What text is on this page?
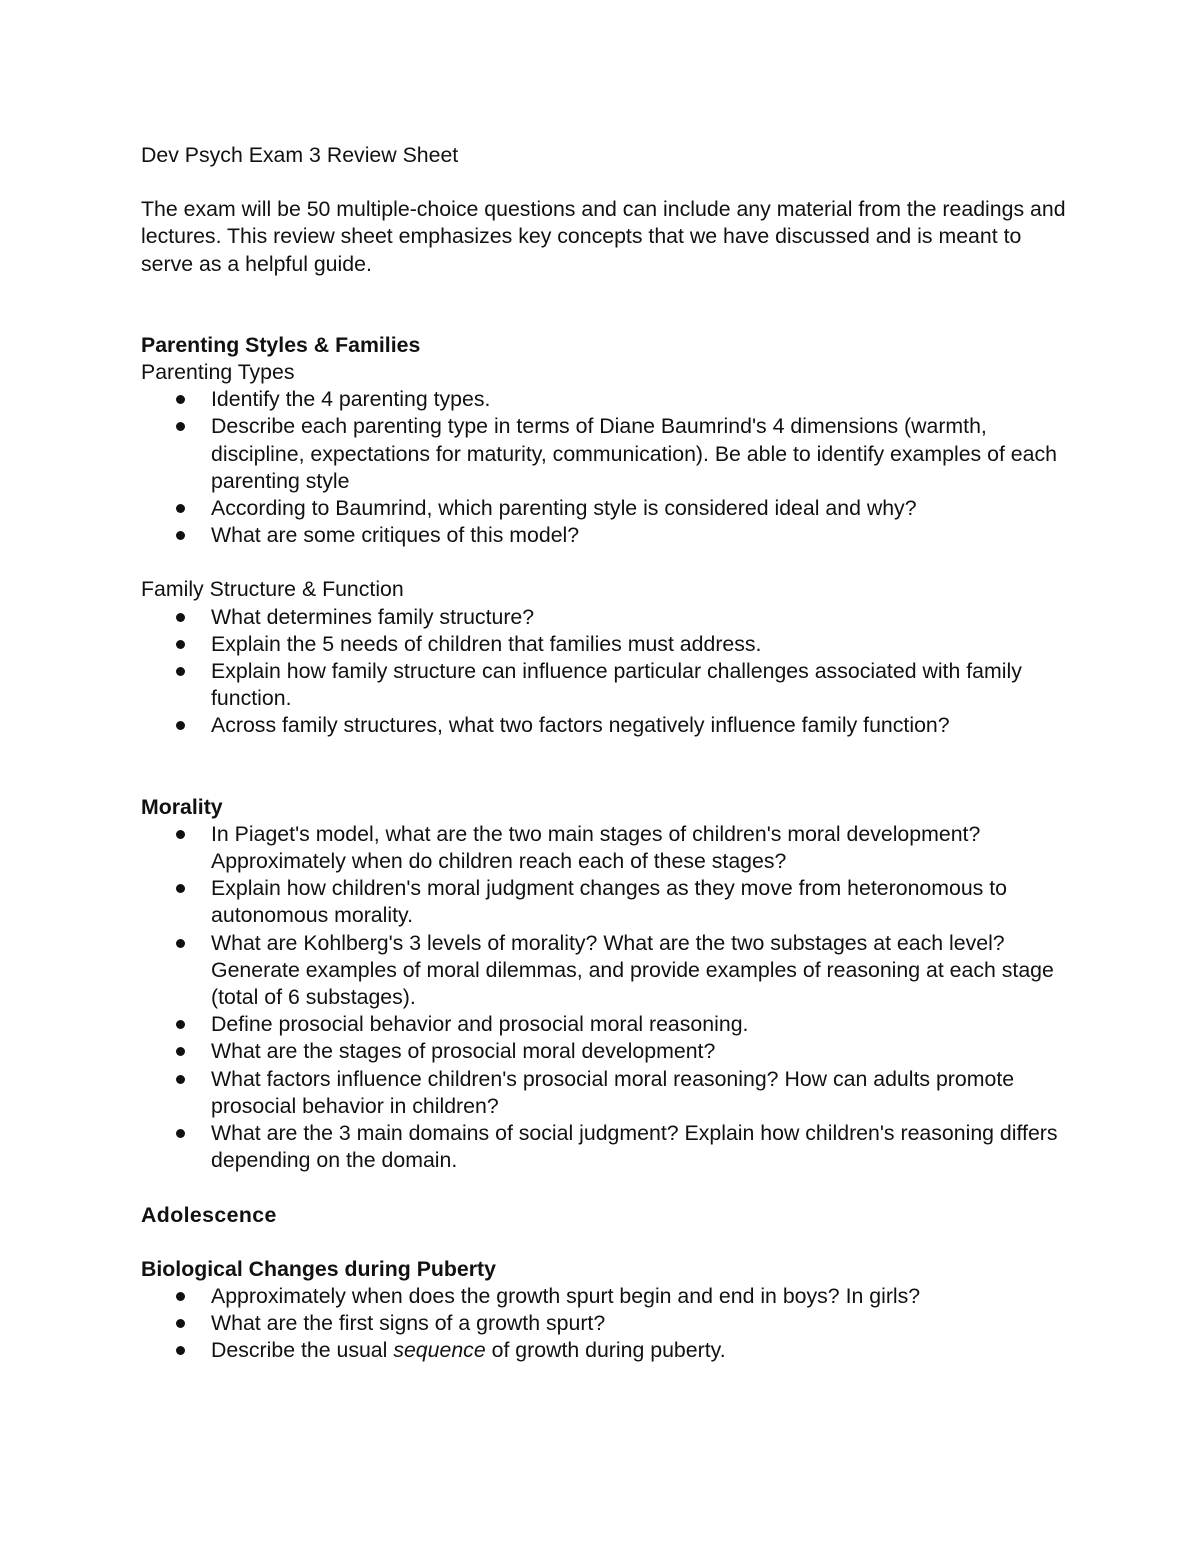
Dev Psych Exam 3 Review Sheet

The exam will be 50 multiple-choice questions and can include any material from the readings and lectures. This review sheet emphasizes key concepts that we have discussed and is meant to serve as a helpful guide.

Parenting Styles & Families

Parenting Types

Identify the 4 parenting types.
Describe each parenting type in terms of Diane Baumrind's 4 dimensions (warmth, discipline, expectations for maturity, communication). Be able to identify examples of each parenting style
According to Baumrind, which parenting style is considered ideal and why?
What are some critiques of this model?

Family Structure & Function

What determines family structure?
Explain the 5 needs of children that families must address.
Explain how family structure can influence particular challenges associated with family function.
Across family structures, what two factors negatively influence family function?

Morality

In Piaget's model, what are the two main stages of children's moral development? Approximately when do children reach each of these stages?
Explain how children's moral judgment changes as they move from heteronomous to autonomous morality.
What are Kohlberg's 3 levels of morality? What are the two substages at each level? Generate examples of moral dilemmas, and provide examples of reasoning at each stage (total of 6 substages).
Define prosocial behavior and prosocial moral reasoning.
What are the stages of prosocial moral development?
What factors influence children's prosocial moral reasoning? How can adults promote prosocial behavior in children?
What are the 3 main domains of social judgment? Explain how children's reasoning differs depending on the domain.

Adolescence

Biological Changes during Puberty

Approximately when does the growth spurt begin and end in boys? In girls?
What are the first signs of a growth spurt?
Describe the usual sequence of growth during puberty.
